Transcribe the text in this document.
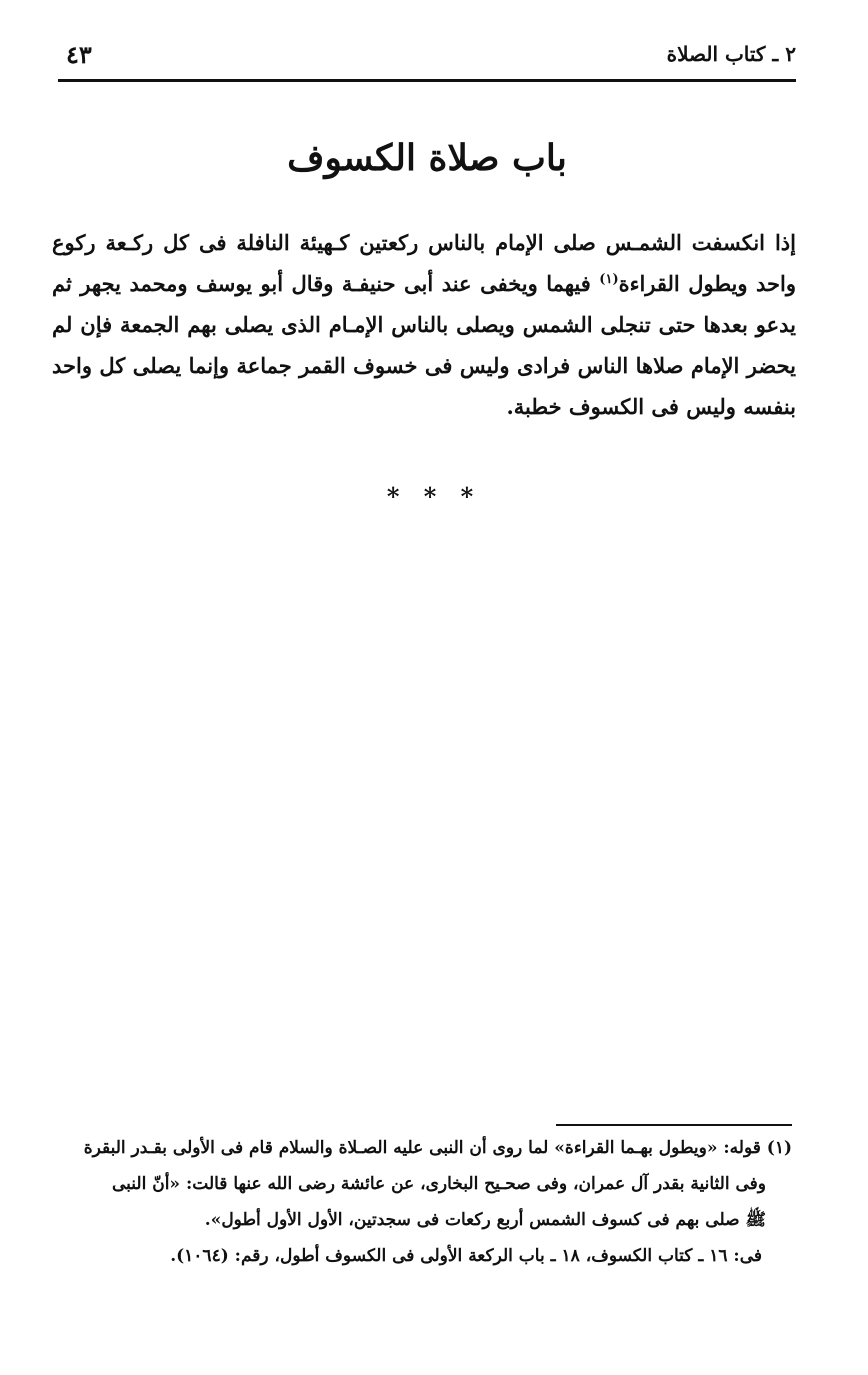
٢ ـ كتاب الصلاة
٤٣
باب صلاة الكسوف

إذا انكسفت الشمـس صلى الإمام بالناس ركعتين كـهيئة النافلة فى كل ركـعة ركوع واحد ويطول القراءة$^{(١)}$ فيهما ويخفى عند أبى حنيفـة وقال أبو يوسف ومحمد يجهر ثم يدعو بعدها حتى تنجلى الشمس ويصلى بالناس الإمـام الذى يصلى بهم الجمعة فإن لم يحضر الإمام صلاها الناس فرادى وليس فى خسوف القمر جماعة وإنما يصلى كل واحد بنفسه وليس فى الكسوف خطبة.

* * *
(١) قوله: «ويطول بهـما القراءة» لما روى أن النبى عليه الصـلاة والسلام قام فى الأولى بقـدر البقرة
وفى الثانية بقدر آل عمران، وفى صحـيح البخارى، عن عائشة رضى الله عنها قالت: «أنّ النبى
ﷺ صلى بهم فى كسوف الشمس أربع ركعات فى سجدتين، الأول الأول أطول».
فى: ١٦ ـ كتاب الكسوف، ١٨ ـ باب الركعة الأولى فى الكسوف أطول، رقم: (١٠٦٤).
